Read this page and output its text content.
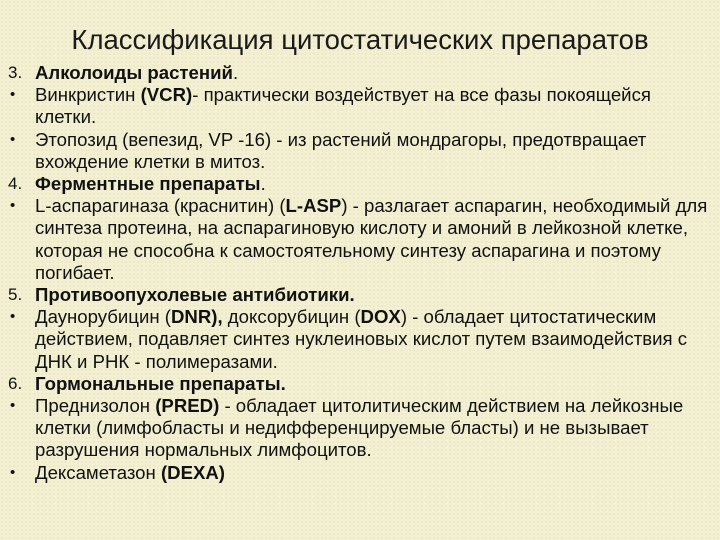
Классификация цитостатических препаратов
3. Алколоиды растений.
•	Винкристин (VCR)- практически воздействует на все фазы покоящейся клетки.
•	Этопозид (вепезид, VP -16) - из растений мондрагоры, предотвращает вхождение клетки в митоз.
4. Ферментные препараты.
•	L-аспарагиназа (краснитин) (L-ASP) - разлагает аспарагин, необходимый для синтеза протеина, на аспарагиновую кислоту и амоний в лейкозной клетке, которая не способна к самостоятельному синтезу аспарагина и поэтому погибает.
5. Противоопухолевые антибиотики.
•	Даунорубицин (DNR), доксорубицин (DOX) - обладает цитостатическим действием, подавляет синтез нуклеиновых кислот путем взаимодействия с ДНК и РНК - полимеразами.
6. Гормональные препараты.
•	Преднизолон (PRED) - обладает цитолитическим действием на лейкозные клетки (лимфобласты и недифференцируемые бласты) и не вызывает разрушения нормальных лимфоцитов.
•	Дексаметазон (DEXA)
